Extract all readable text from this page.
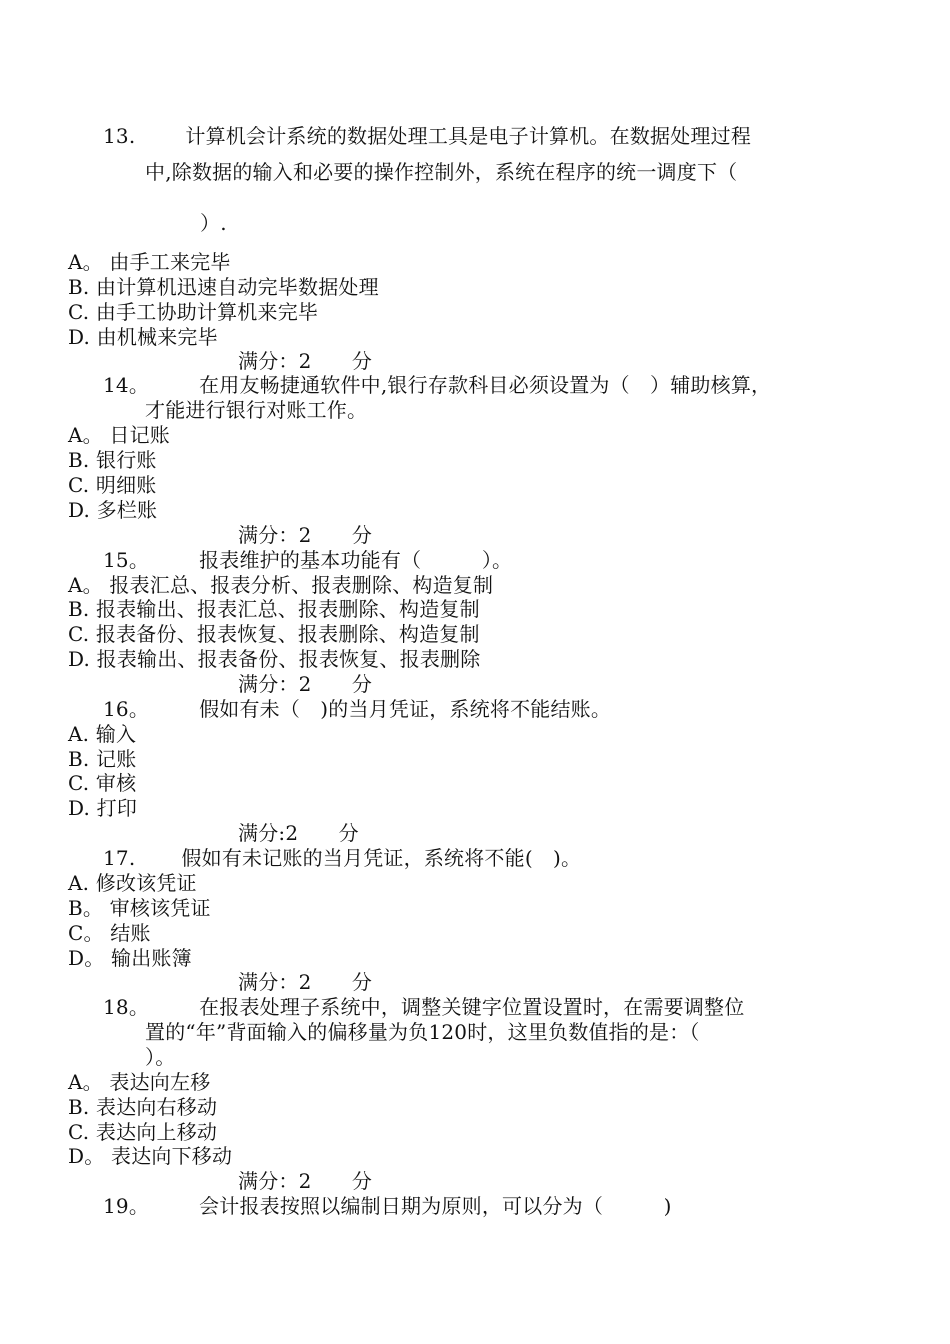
13.	计算机会计系统的数据处理工具是电子计算机。在数据处理过程
中,除数据的输入和必要的操作控制外，系统在程序的统一调度下（
）.
A。 由手工来完毕
B. 由计算机迅速自动完毕数据处理
C. 由手工协助计算机来完毕
D. 由机械来完毕
满分：2　　分
14。	在用友畅捷通软件中,银行存款科目必须设置为（　）辅助核算，
才能进行银行对账工作。
A。 日记账
B. 银行账
C. 明细账
D. 多栏账
满分：2　　分
15。	报表维护的基本功能有（　　　）。
A。 报表汇总、报表分析、报表删除、构造复制
B. 报表输出、报表汇总、报表删除、构造复制
C. 报表备份、报表恢复、报表删除、构造复制
D. 报表输出、报表备份、报表恢复、报表删除
满分：2　　分
16。	假如有未（　)的当月凭证，系统将不能结账。
A. 输入
B. 记账
C. 审核
D. 打印
满分:2　　分
17. 假如有未记账的当月凭证，系统将不能(　)。
A. 修改该凭证
B。 审核该凭证
C。 结账
D。 输出账簿
满分：2　　分
18。	在报表处理子系统中，调整关键字位置设置时，在需要调整位
置的“年”背面输入的偏移量为负120时，这里负数值指的是：（
）。
A。 表达向左移
B. 表达向右移动
C. 表达向上移动
D。 表达向下移动
满分：2　　分
19。	会计报表按照以编制日期为原则，可以分为（　　　)
